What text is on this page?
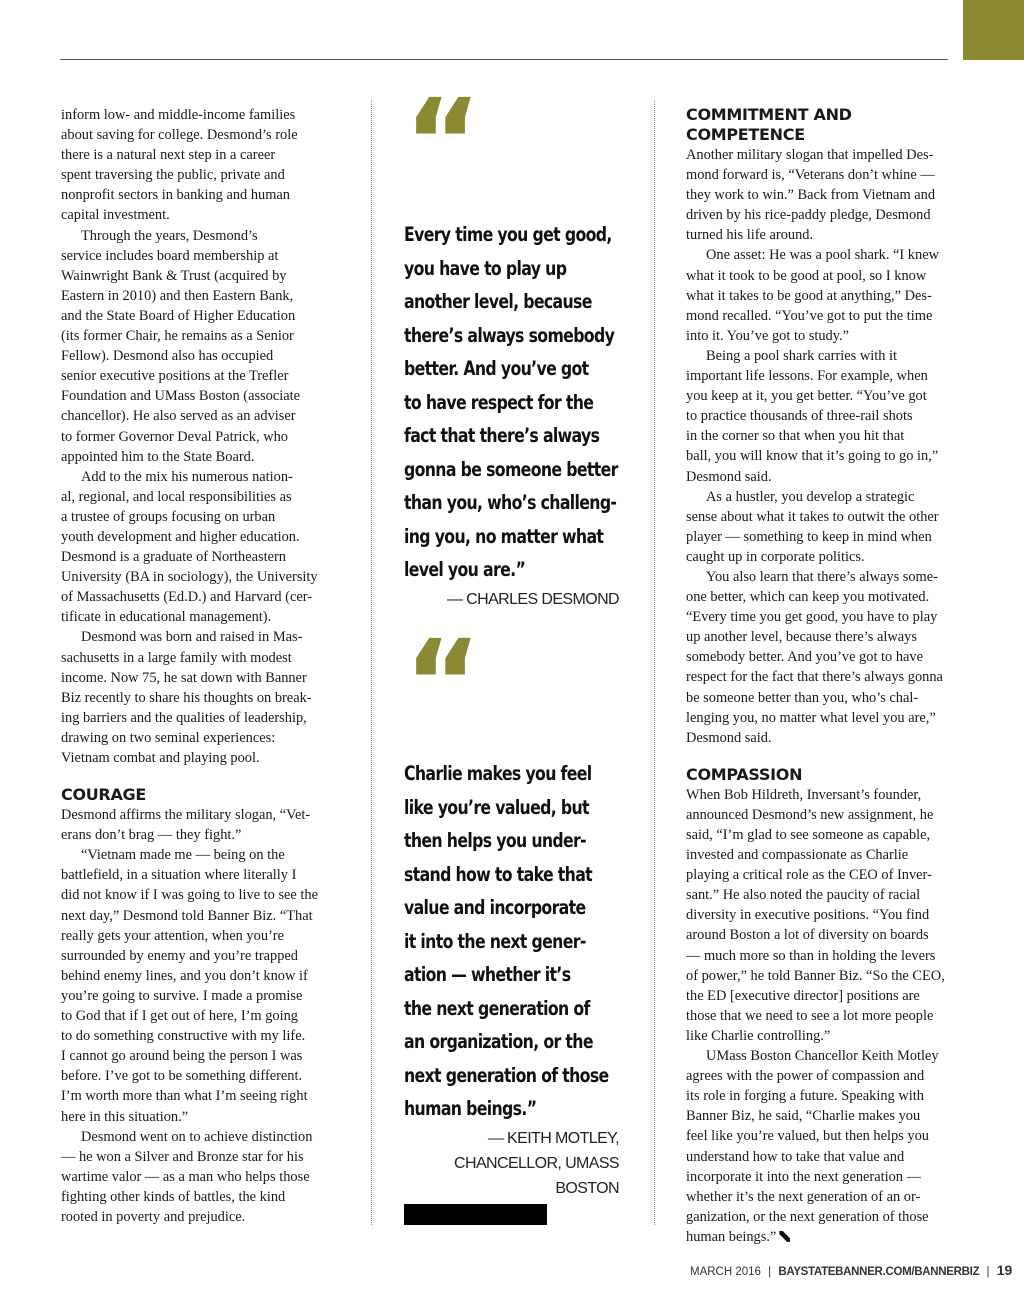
inform low- and middle-income families
about saving for college. Desmond’s role
there is a natural next step in a career
spent traversing the public, private and
nonprofit sectors in banking and human
capital investment.

Through the years, Desmond’s
service includes board membership at
Wainwright Bank & Trust (acquired by
Eastern in 2010) and then Eastern Bank,
and the State Board of Higher Education
(its former Chair, he remains as a Senior
Fellow). Desmond also has occupied
senior executive positions at the Trefler
Foundation and UMass Boston (associate
chancellor). He also served as an adviser
to former Governor Deval Patrick, who
appointed him to the State Board.

Add to the mix his numerous nation-
al, regional, and local responsibilities as
a trustee of groups focusing on urban
youth development and higher education.
Desmond is a graduate of Northeastern
University (BA in sociology), the University
of Massachusetts (Ed.D.) and Harvard (cer-
tificate in educational management).

Desmond was born and raised in Mas-
sachusetts in a large family with modest
income. Now 75, he sat down with Banner
Biz recently to share his thoughts on break-
ing barriers and the qualities of leadership,
drawing on two seminal experiences:
Vietnam combat and playing pool.

COURAGE

Desmond affirms the military slogan, “Vet-
erans don’t brag — they fight.”

“Vietnam made me — being on the
battlefield, in a situation where literally I
did not know if I was going to live to see the
next day,” Desmond told Banner Biz. “That
really gets your attention, when you’re
surrounded by enemy and you’re trapped
behind enemy lines, and you don’t know if
you’re going to survive. I made a promise
to God that if I get out of here, I’m going
to do something constructive with my life.
I cannot go around being the person I was
before. I’ve got to be something different.
I’m worth more than what I’m seeing right
here in this situation.”

Desmond went on to achieve distinction
— he won a Silver and Bronze star for his
wartime valor — as a man who helps those
fighting other kinds of battles, the kind
rooted in poverty and prejudice.

“

Every time you get good,
you have to play up
another level, because
there’s always somebody
better. And you’ve got
to have respect for the
fact that there’s always
gonna be someone better
than you, who’s challeng-
ing you, no matter what
level you are.”

— CHARLES DESMOND

“

Charlie makes you feel
like you’re valued, but
then helps you under-
stand how to take that
value and incorporate
it into the next gener-
ation — whether it’s
the next generation of
an organization, or the
next generation of those
human beings.”

— KEITH MOTLEY,
CHANCELLOR, UMASS BOSTON

COMMITMENT AND COMPETENCE

Another military slogan that impelled Des-
mond forward is, “Veterans don’t whine —
they work to win.” Back from Vietnam and
driven by his rice-paddy pledge, Desmond
turned his life around.

One asset: He was a pool shark. “I knew
what it took to be good at pool, so I know
what it takes to be good at anything,” Des-
mond recalled. “You’ve got to put the time
into it. You’ve got to study.”

Being a pool shark carries with it
important life lessons. For example, when
you keep at it, you get better. “You’ve got
to practice thousands of three-rail shots
in the corner so that when you hit that
ball, you will know that it’s going to go in,”
Desmond said.

As a hustler, you develop a strategic
sense about what it takes to outwit the other
player — something to keep in mind when
caught up in corporate politics.

You also learn that there’s always some-
one better, which can keep you motivated.
“Every time you get good, you have to play
up another level, because there’s always
somebody better. And you’ve got to have
respect for the fact that there’s always gonna
be someone better than you, who’s chal-
lenging you, no matter what level you are,”
Desmond said.

COMPASSION

When Bob Hildreth, Inversant’s founder,
announced Desmond’s new assignment, he
said, “I’m glad to see someone as capable,
invested and compassionate as Charlie
playing a critical role as the CEO of Inver-
sant.” He also noted the paucity of racial
diversity in executive positions. “You find
around Boston a lot of diversity on boards
— much more so than in holding the levers
of power,” he told Banner Biz. “So the CEO,
the ED [executive director] positions are
those that we need to see a lot more people
like Charlie controlling.”

UMass Boston Chancellor Keith Motley
agrees with the power of compassion and
its role in forging a future. Speaking with
Banner Biz, he said, “Charlie makes you
feel like you’re valued, but then helps you
understand how to take that value and
incorporate it into the next generation —
whether it’s the next generation of an or-
ganization, or the next generation of those
human beings.”

MARCH 2016 | BAYSTATEBANNER.COM/BANNERBIZ | 19
